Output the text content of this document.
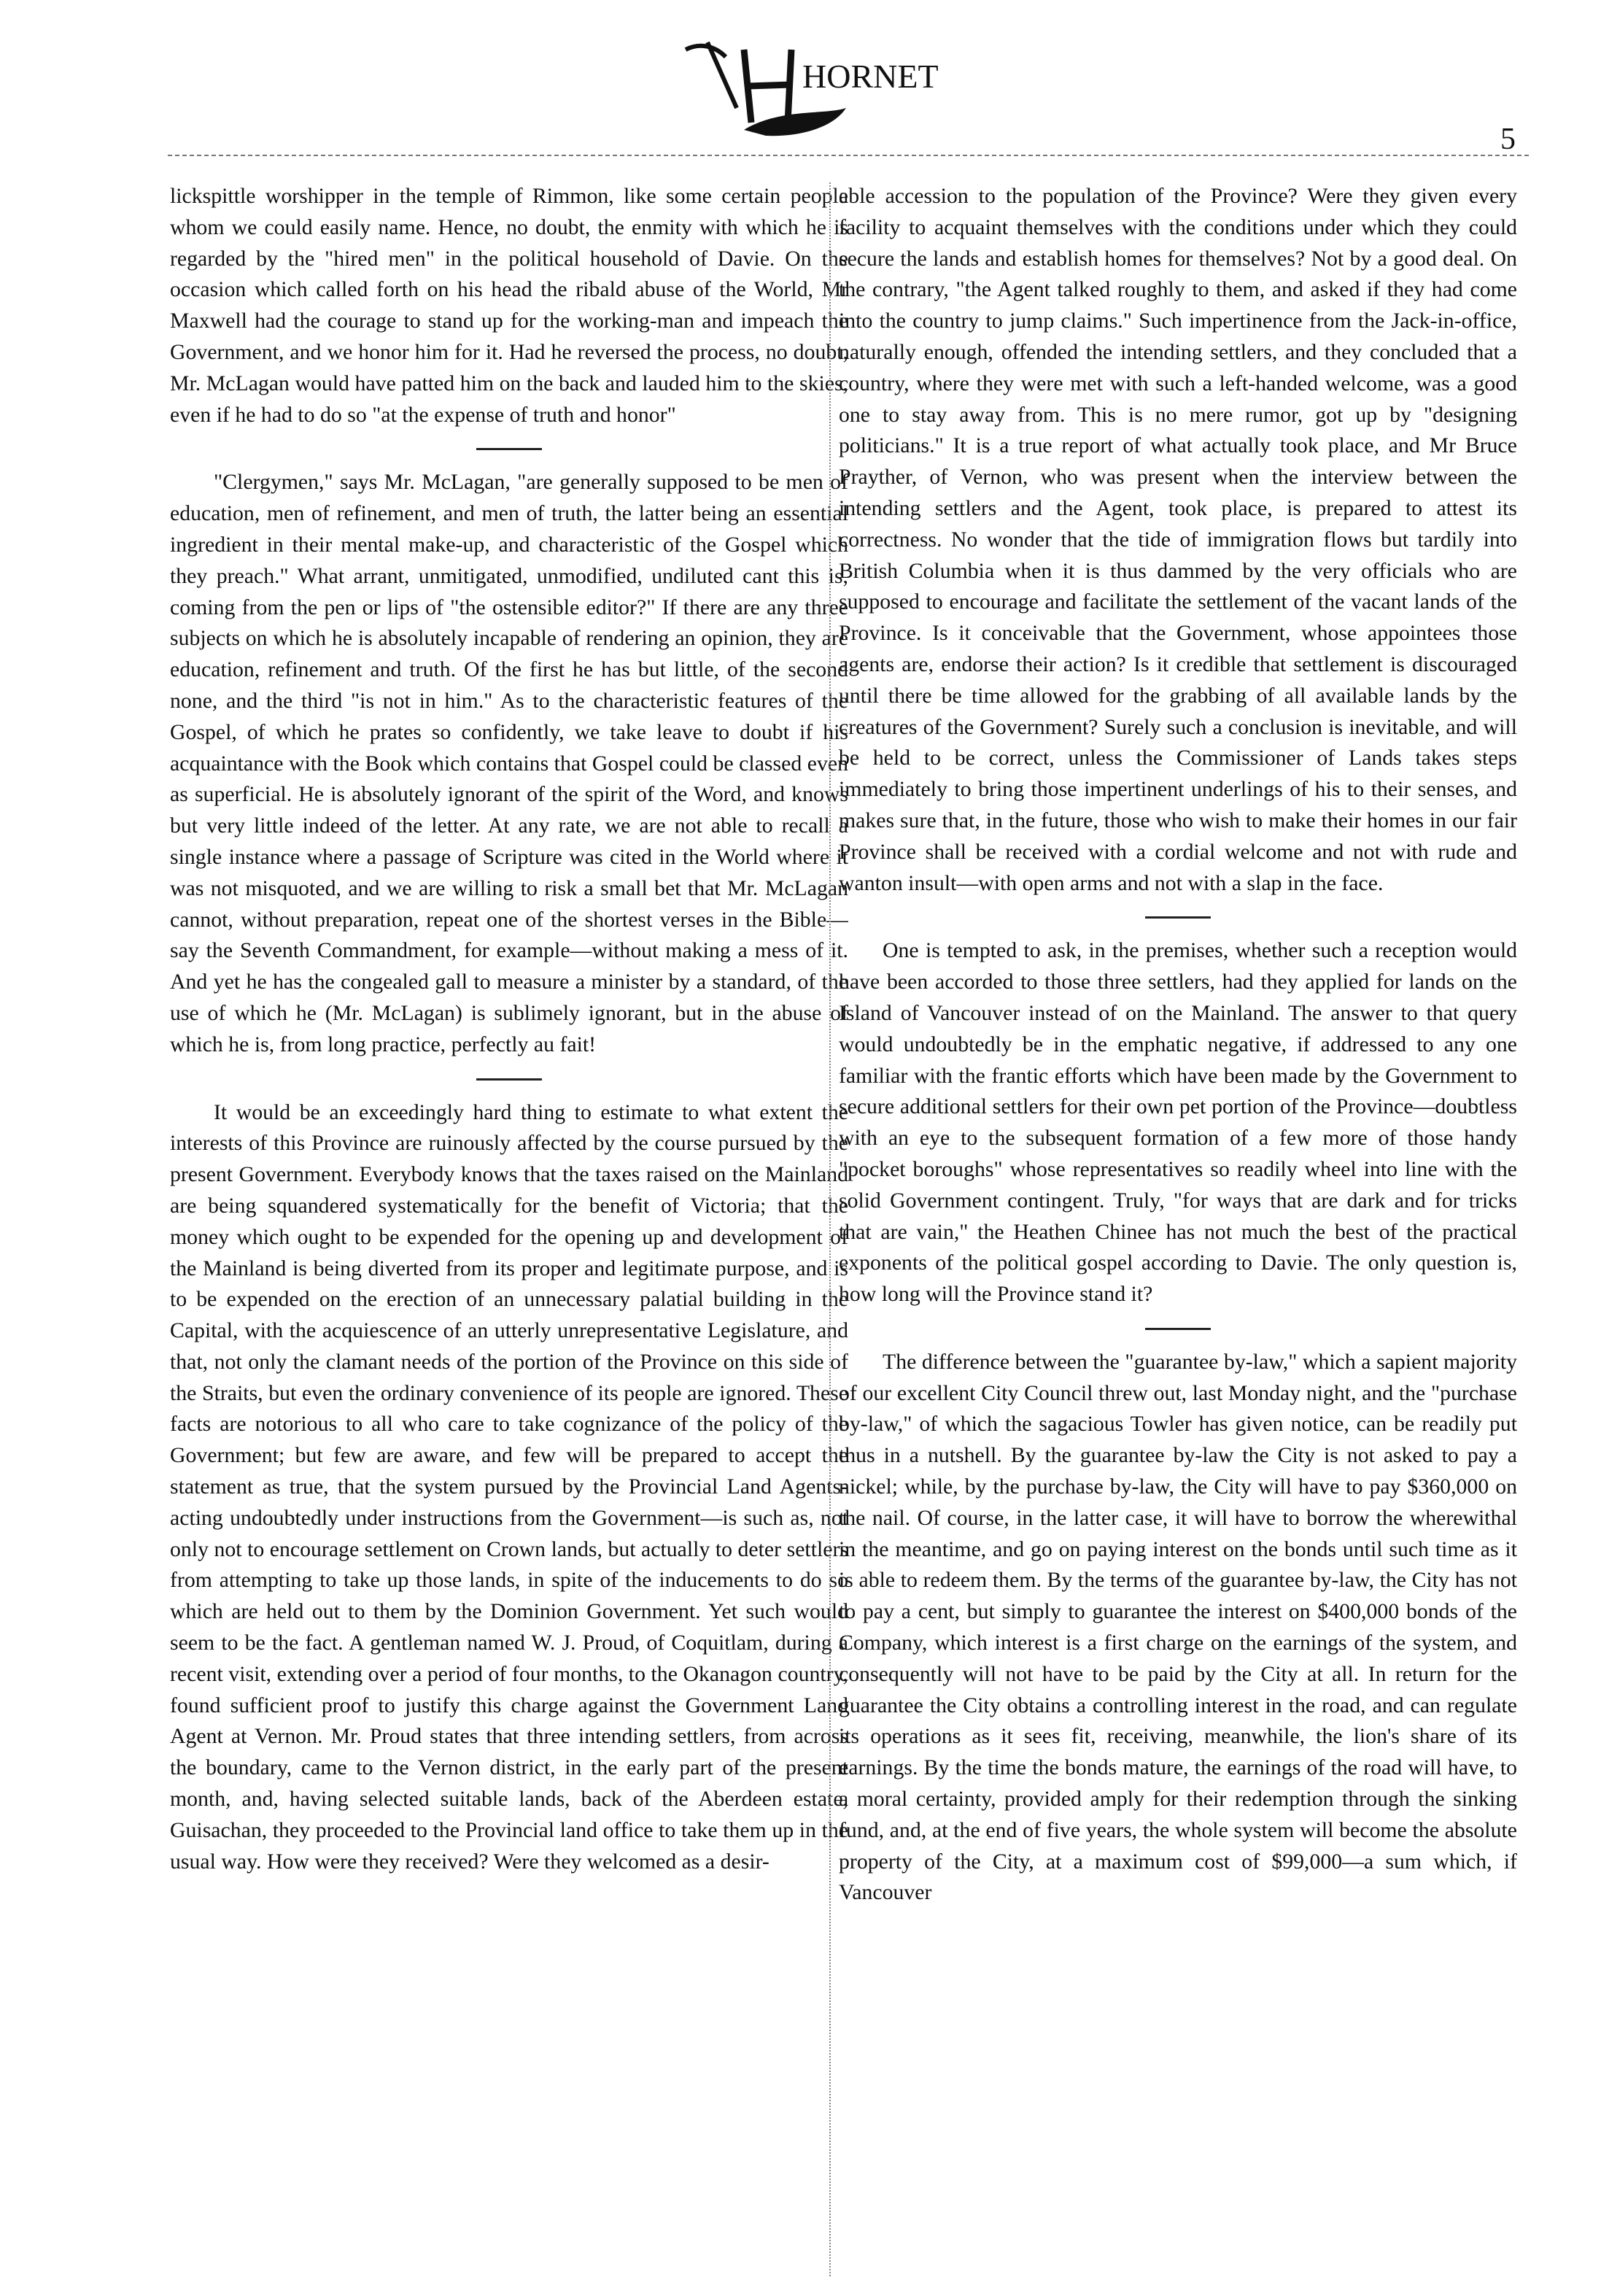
HORNET
5

lickspittle worshipper in the temple of Rimmon, like some certain people whom we could easily name. Hence, no doubt, the enmity with which he is regarded by the "hired men" in the political household of Davie. On the occasion which called forth on his head the ribald abuse of the World, Mr Maxwell had the courage to stand up for the working-man and impeach the Government, and we honor him for it. Had he reversed the process, no doubt, Mr. McLagan would have patted him on the back and lauded him to the skies, even if he had to do so "at the expense of truth and honor"

"Clergymen," says Mr. McLagan, "are generally supposed to be men of education, men of refinement, and men of truth, the latter being an essential ingredient in their mental make-up, and characteristic of the Gospel which they preach." What arrant, unmitigated, unmodified, undiluted cant this is, coming from the pen or lips of "the ostensible editor?" If there are any three subjects on which he is absolutely incapable of rendering an opinion, they are education, refinement and truth. Of the first he has but little, of the second none, and the third "is not in him." As to the characteristic features of the Gospel, of which he prates so confidently, we take leave to doubt if his acquaintance with the Book which contains that Gospel could be classed even as superficial. He is absolutely ignorant of the spirit of the Word, and knows but very little indeed of the letter. At any rate, we are not able to recall a single instance where a passage of Scripture was cited in the World where it was not misquoted, and we are willing to risk a small bet that Mr. McLagan cannot, without preparation, repeat one of the shortest verses in the Bible—say the Seventh Commandment, for example—without making a mess of it. And yet he has the congealed gall to measure a minister by a standard, of the use of which he (Mr. McLagan) is sublimely ignorant, but in the abuse of which he is, from long practice, perfectly au fait!

It would be an exceedingly hard thing to estimate to what extent the interests of this Province are ruinously affected by the course pursued by the present Government. Everybody knows that the taxes raised on the Mainland are being squandered systematically for the benefit of Victoria; that the money which ought to be expended for the opening up and development of the Mainland is being diverted from its proper and legitimate purpose, and is to be expended on the erection of an unnecessary palatial building in the Capital, with the acquiescence of an utterly unrepresentative Legislature, and that, not only the clamant needs of the portion of the Province on this side of the Straits, but even the ordinary convenience of its people are ignored. These facts are notorious to all who care to take cognizance of the policy of the Government; but few are aware, and few will be prepared to accept the statement as true, that the system pursued by the Provincial Land Agents-acting undoubtedly under instructions from the Government—is such as, not only not to encourage settlement on Crown lands, but actually to deter settlers from attempting to take up those lands, in spite of the inducements to do so which are held out to them by the Dominion Government. Yet such would seem to be the fact. A gentleman named W. J. Proud, of Coquitlam, during a recent visit, extending over a period of four months, to the Okanagon country, found sufficient proof to justify this charge against the Government Land Agent at Vernon. Mr. Proud states that three intending settlers, from across the boundary, came to the Vernon district, in the early part of the present month, and, having selected suitable lands, back of the Aberdeen estate, Guisachan, they proceeded to the Provincial land office to take them up in the usual way. How were they received? Were they welcomed as a desir-

able accession to the population of the Province? Were they given every facility to acquaint themselves with the conditions under which they could secure the lands and establish homes for themselves? Not by a good deal. On the contrary, "the Agent talked roughly to them, and asked if they had come into the country to jump claims." Such impertinence from the Jack-in-office, naturally enough, offended the intending settlers, and they concluded that a country, where they were met with such a left-handed welcome, was a good one to stay away from. This is no mere rumor, got up by "designing politicians." It is a true report of what actually took place, and Mr Bruce Prayther, of Vernon, who was present when the interview between the intending settlers and the Agent, took place, is prepared to attest its correctness. No wonder that the tide of immigration flows but tardily into British Columbia when it is thus dammed by the very officials who are supposed to encourage and facilitate the settlement of the vacant lands of the Province. Is it conceivable that the Government, whose appointees those agents are, endorse their action? Is it credible that settlement is discouraged until there be time allowed for the grabbing of all available lands by the creatures of the Government? Surely such a conclusion is inevitable, and will be held to be correct, unless the Commissioner of Lands takes steps immediately to bring those impertinent underlings of his to their senses, and makes sure that, in the future, those who wish to make their homes in our fair Province shall be received with a cordial welcome and not with rude and wanton insult—with open arms and not with a slap in the face.

One is tempted to ask, in the premises, whether such a reception would have been accorded to those three settlers, had they applied for lands on the Island of Vancouver instead of on the Mainland. The answer to that query would undoubtedly be in the emphatic negative, if addressed to any one familiar with the frantic efforts which have been made by the Government to secure additional settlers for their own pet portion of the Province—doubtless with an eye to the subsequent formation of a few more of those handy "pocket boroughs" whose representatives so readily wheel into line with the solid Government contingent. Truly, "for ways that are dark and for tricks that are vain," the Heathen Chinee has not much the best of the practical exponents of the political gospel according to Davie. The only question is, how long will the Province stand it?

The difference between the "guarantee by-law," which a sapient majority of our excellent City Council threw out, last Monday night, and the "purchase by-law," of which the sagacious Towler has given notice, can be readily put thus in a nutshell. By the guarantee by-law the City is not asked to pay a nickel; while, by the purchase by-law, the City will have to pay $360,000 on the nail. Of course, in the latter case, it will have to borrow the wherewithal in the meantime, and go on paying interest on the bonds until such time as it is able to redeem them. By the terms of the guarantee by-law, the City has not to pay a cent, but simply to guarantee the interest on $400,000 bonds of the Company, which interest is a first charge on the earnings of the system, and consequently will not have to be paid by the City at all. In return for the guarantee the City obtains a controlling interest in the road, and can regulate its operations as it sees fit, receiving, meanwhile, the lion's share of its earnings. By the time the bonds mature, the earnings of the road will have, to a moral certainty, provided amply for their redemption through the sinking fund, and, at the end of five years, the whole system will become the absolute property of the City, at a maximum cost of $99,000—a sum which, if Vancouver
